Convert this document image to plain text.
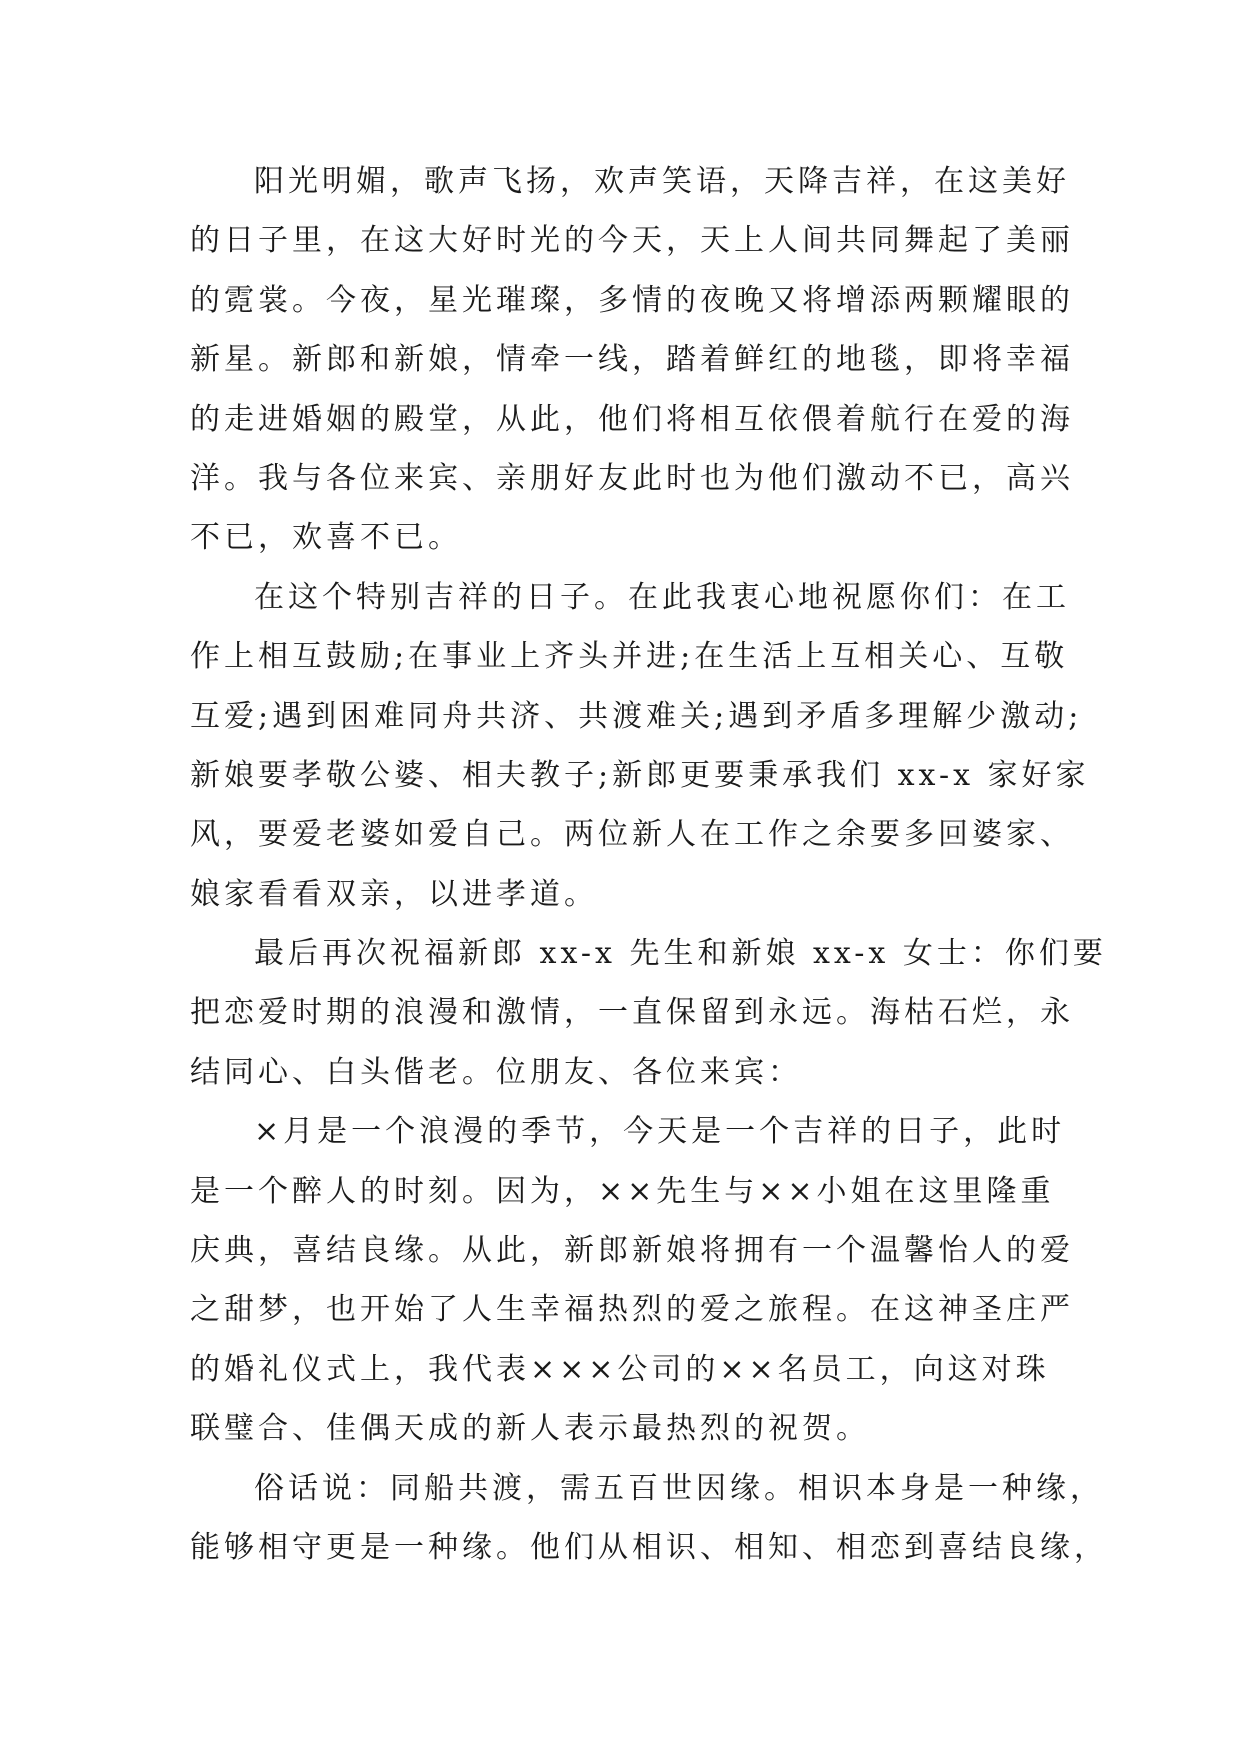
阳光明媚，歌声飞扬，欢声笑语，天降吉祥，在这美好
的日子里，在这大好时光的今天，天上人间共同舞起了美丽
的霓裳。今夜，星光璀璨，多情的夜晚又将增添两颗耀眼的
新星。新郎和新娘，情牵一线，踏着鲜红的地毯，即将幸福
的走进婚姻的殿堂，从此，他们将相互依偎着航行在爱的海
洋。我与各位来宾、亲朋好友此时也为他们激动不已，高兴
不已，欢喜不已。
在这个特别吉祥的日子。在此我衷心地祝愿你们：在工
作上相互鼓励;在事业上齐头并进;在生活上互相关心、互敬
互爱;遇到困难同舟共济、共渡难关;遇到矛盾多理解少激动;
新娘要孝敬公婆、相夫教子;新郎更要秉承我们 xx-x 家好家
风，要爱老婆如爱自己。两位新人在工作之余要多回婆家、
娘家看看双亲，以进孝道。
最后再次祝福新郎 xx-x 先生和新娘 xx-x 女士：你们要
把恋爱时期的浪漫和激情，一直保留到永远。海枯石烂，永
结同心、白头偕老。位朋友、各位来宾：
×月是一个浪漫的季节，今天是一个吉祥的日子，此时
是一个醉人的时刻。因为，××先生与××小姐在这里隆重
庆典，喜结良缘。从此，新郎新娘将拥有一个温馨怡人的爱
之甜梦，也开始了人生幸福热烈的爱之旅程。在这神圣庄严
的婚礼仪式上，我代表×××公司的××名员工，向这对珠
联璧合、佳偶天成的新人表示最热烈的祝贺。
俗话说：同船共渡，需五百世因缘。相识本身是一种缘，
能够相守更是一种缘。他们从相识、相知、相恋到喜结良缘，
